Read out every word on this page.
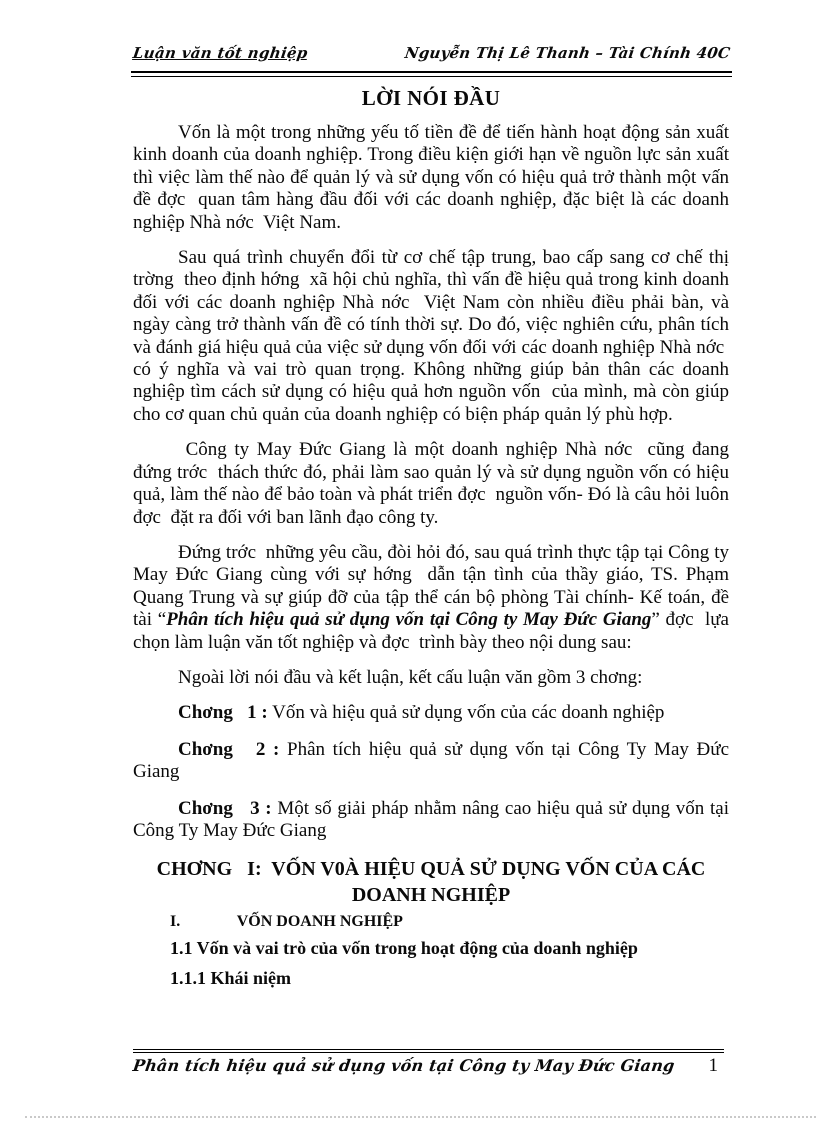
Luận văn tốt nghiệp	Nguyễn Thị Lê Thanh – Tài Chính 40C
LỜI NÓI ĐẦU

Vốn là một trong những yếu tố tiền đề để tiến hành hoạt động sản xuất kinh doanh của doanh nghiệp. Trong điều kiện giới hạn về nguồn lực sản xuất thì việc làm thế nào để quản lý và sử dụng vốn có hiệu quả trở thành một vấn đề đợc  quan tâm hàng đầu đối với các doanh nghiệp, đặc biệt là các doanh nghiệp Nhà nớc  Việt Nam.

Sau quá trình chuyển đổi từ cơ chế tập trung, bao cấp sang cơ chế thị trờng  theo định hớng  xã hội chủ nghĩa, thì vấn đề hiệu quả trong kinh doanh đối với các doanh nghiệp Nhà nớc  Việt Nam còn nhiều điều phải bàn, và ngày càng trở thành vấn đề có tính thời sự. Do đó, việc nghiên cứu, phân tích và đánh giá hiệu quả của việc sử dụng vốn đối với các doanh nghiệp Nhà nớc  có ý nghĩa và vai trò quan trọng. Không những giúp bản thân các doanh nghiệp tìm cách sử dụng có hiệu quả hơn nguồn vốn  của mình, mà còn giúp cho cơ quan chủ quản của doanh nghiệp có biện pháp quản lý phù hợp.

Công ty May Đức Giang là một doanh nghiệp Nhà nớc  cũng đang đứng trớc  thách thức đó, phải làm sao quản lý và sử dụng nguồn vốn có hiệu quả, làm thế nào để bảo toàn và phát triển đợc  nguồn vốn- Đó là câu hỏi luôn đợc  đặt ra đối với ban lãnh đạo công ty.

Đứng trớc  những yêu cầu, đòi hỏi đó, sau quá trình thực tập tại Công ty May Đức Giang cùng với sự hớng  dẫn tận tình của thầy giáo, TS. Phạm Quang Trung và sự giúp đỡ của tập thể cán bộ phòng Tài chính- Kế toán, đề tài “Phân tích hiệu quả sử dụng vốn tại Công ty May Đức Giang” đợc  lựa chọn làm luận văn tốt nghiệp và đợc  trình bày theo nội dung sau:

Ngoài lời nói đầu và kết luận, kết cấu luận văn gồm 3 chơng:

Chơng   1 : Vốn và hiệu quả sử dụng vốn của các doanh nghiệp

Chơng   2 : Phân tích hiệu quả sử dụng vốn tại Công Ty May Đức Giang

Chơng   3 : Một số giải pháp nhằm nâng cao hiệu quả sử dụng vốn tại Công Ty May Đức Giang

CHƠNG   I:  VỐN V0À HIỆU QUẢ SỬ DỤNG VỐN CỦA CÁC DOANH NGHIỆP
I.	VỐN DOANH NGHIỆP
1.1 Vốn và vai trò của vốn trong hoạt động của doanh nghiệp
1.1.1 Khái niệm
Phân tích hiệu quả sử dụng vốn tại Công ty May Đức Giang 1
